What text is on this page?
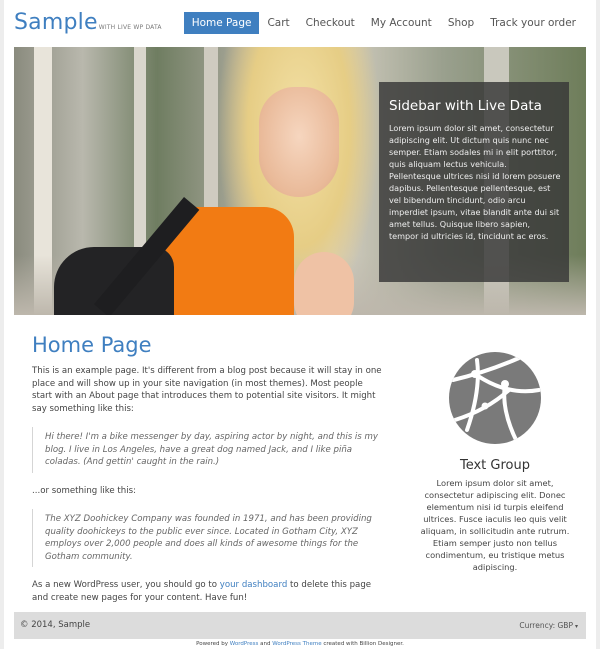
Sample WITH LIVE WP DATA	Home Page	Cart	Checkout	My Account	Shop	Track your order
Sidebar with Live Data
Lorem ipsum dolor sit amet, consectetur adipiscing elit. Ut dictum quis nunc nec semper. Etiam sodales mi in elit porttitor, quis aliquam lectus vehicula. Pellentesque ultrices nisi id lorem posuere dapibus. Pellentesque pellentesque, est vel bibendum tincidunt, odio arcu imperdiet ipsum, vitae blandit ante dui sit amet tellus. Quisque libero sapien, tempor id ultricies id, tincidunt ac eros.
Home Page

This is an example page. It's different from a blog post because it will stay in one place and will show up in your site navigation (in most themes). Most people start with an About page that introduces them to potential site visitors. It might say something like this:

Hi there! I'm a bike messenger by day, aspiring actor by night, and this is my blog. I live in Los Angeles, have a great dog named Jack, and I like piña coladas. (And gettin' caught in the rain.)

...or something like this:

The XYZ Doohickey Company was founded in 1971, and has been providing quality doohickeys to the public ever since. Located in Gotham City, XYZ employs over 2,000 people and does all kinds of awesome things for the Gotham community.

As a new WordPress user, you should go to your dashboard to delete this page and create new pages for your content. Have fun!

Text Group
Lorem ipsum dolor sit amet, consectetur adipiscing elit. Donec elementum nisi id turpis eleifend ultrices. Fusce iaculis leo quis velit aliquam, in sollicitudin ante rutrum. Etiam semper justo non tellus condimentum, eu tristique metus adipiscing.
© 2014, Sample	Currency: GBP ▾
Powered by WordPress and WordPress Theme created with Billion Designer.
